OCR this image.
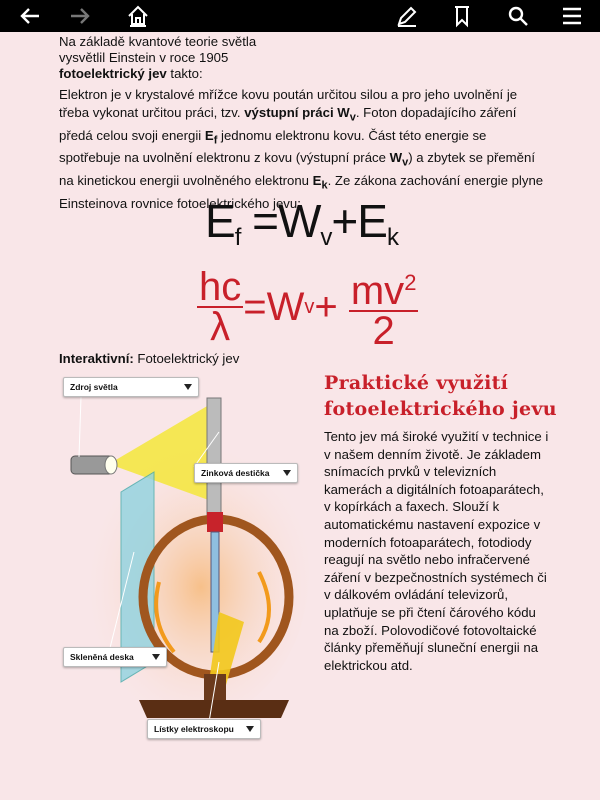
Na základě kvantové teorie světla
vysvětlil Einstein v roce 1905
fotoelektrický jev takto:
Elektron je v krystalové mřížce kovu poután určitou silou a pro jeho uvolnění je třeba vykonat určitou práci, tzv. výstupní práci $W_v$. Foton dopadajícího záření předá celou svoji energii $E_f$ jednomu elektronu kovu. Část této energie se spotřebuje na uvolnění elektronu z kovu (výstupní práce $W_v$) a zbytek se přemění na kinetickou energii uvolněného elektronu $E_k$. Ze zákona zachování energie plyne Einsteinova rovnice fotoelektrického jevu:
$E_f =W_v+E_k$
$\frac{hc}{\lambda} =W$ $v + \frac{mv^2}{2}$
Interaktivní: Fotoelektrický jev
Zdroj světla
Zinková destička
Skleněná deska
Lístky elektroskopu
Praktické využití
fotoelektrického jevu
Tento jev má široké využití v technice i v našem denním životě. Je základem snímacích prvků v televizních kamerách a digitálních fotoaparátech, v kopírkách a faxech. Slouží k automatickému nastavení expozice v moderních fotoaparátech, fotodiody reagují na světlo nebo infračervené záření v bezpečnostních systémech či v dálkovém ovládání televizorů, uplatňuje se při čtení čárového kódu na zboží. Polovodičové fotovoltaické články přeměňují sluneční energii na elektrickou atd.
